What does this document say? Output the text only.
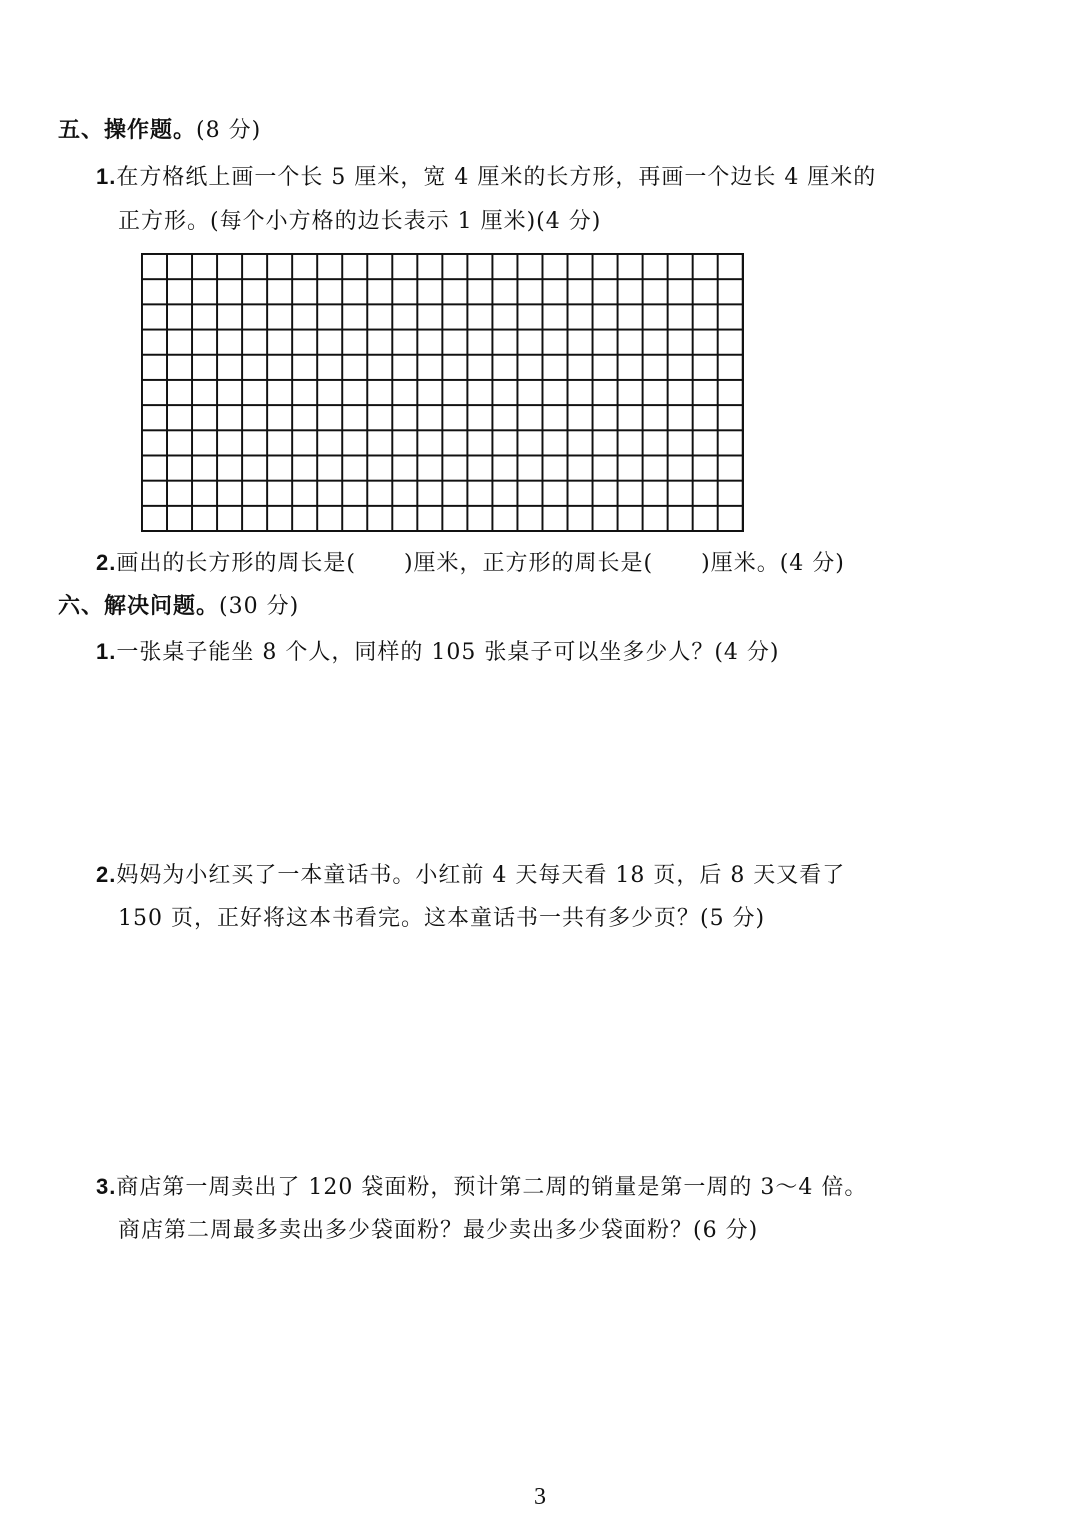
五、操作题。(8 分)
1.在方格纸上画一个长 5 厘米，宽 4 厘米的长方形，再画一个边长 4 厘米的
正方形。(每个小方格的边长表示 1 厘米)(4 分)
2.画出的长方形的周长是( )厘米，正方形的周长是( )厘米。(4 分)
六、解决问题。(30 分)
1.一张桌子能坐 8 个人，同样的 105 张桌子可以坐多少人？(4 分)
2.妈妈为小红买了一本童话书。小红前 4 天每天看 18 页，后 8 天又看了
150 页，正好将这本书看完。这本童话书一共有多少页？(5 分)
3.商店第一周卖出了 120 袋面粉，预计第二周的销量是第一周的 3～4 倍。
商店第二周最多卖出多少袋面粉？最少卖出多少袋面粉？(6 分)
3
